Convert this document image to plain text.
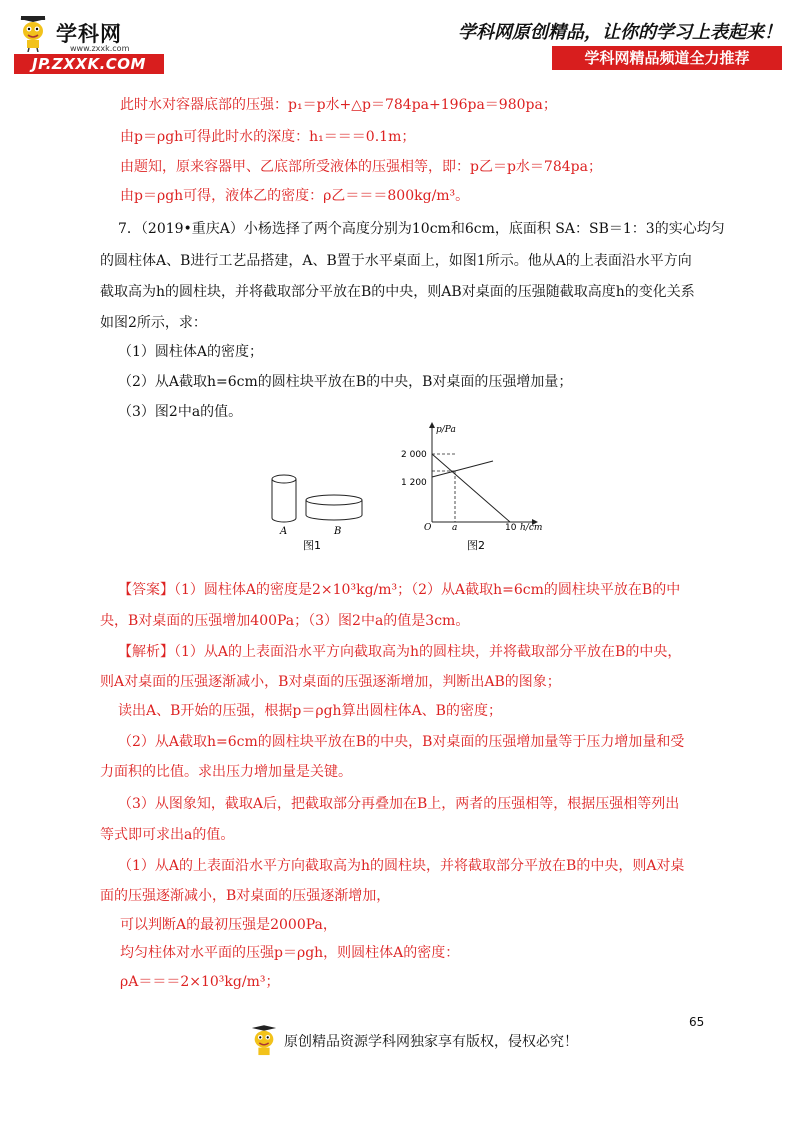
学科网
www.zxxk.com
JP.ZXXK.COM
学科网原创精品，让你的学习上表起来！
学科网精品频道全力推荐
此时水对容器底部的压强：p₁＝p水+△p＝784pa+196pa＝980pa；
由p＝ρgh可得此时水的深度：h₁＝＝＝0.1m；
由题知，原来容器甲、乙底部所受液体的压强相等，即：p乙＝p水＝784pa；
由p＝ρgh可得，液体乙的密度：ρ乙＝＝＝800kg/m³。
7．（2019•重庆A）小杨选择了两个高度分别为10cm和6cm，底面积 SA：SB＝1：3的实心均匀
的圆柱体A、B进行工艺品搭建，A、B置于水平桌面上，如图1所示。他从A的上表面沿水平方向
截取高为h的圆柱块，并将截取部分平放在B的中央，则AB对桌面的压强随截取高度h的变化关系
如图2所示，求：
（1）圆柱体A的密度；
（2）从A截取h=6cm的圆柱块平放在B的中央，B对桌面的压强增加量；
（3）图2中a的值。
A	B
图1
p/Pa
2 000
1 200
O a	10 h/cm
图2
【答案】（1）圆柱体A的密度是2×10³kg/m³；（2）从A截取h=6cm的圆柱块平放在B的中
央，B对桌面的压强增加400Pa；（3）图2中a的值是3cm。
【解析】（1）从A的上表面沿水平方向截取高为h的圆柱块，并将截取部分平放在B的中央，
则A对桌面的压强逐渐减小，B对桌面的压强逐渐增加，判断出AB的图象；
读出A、B开始的压强，根据p＝ρgh算出圆柱体A、B的密度；
（2）从A截取h=6cm的圆柱块平放在B的中央，B对桌面的压强增加量等于压力增加量和受
力面积的比值。求出压力增加量是关键。
（3）从图象知，截取A后，把截取部分再叠加在B上，两者的压强相等，根据压强相等列出
等式即可求出a的值。
（1）从A的上表面沿水平方向截取高为h的圆柱块，并将截取部分平放在B的中央，则A对桌
面的压强逐渐减小，B对桌面的压强逐渐增加，
可以判断A的最初压强是2000Pa，
均匀柱体对水平面的压强p＝ρgh，则圆柱体A的密度：
ρA＝＝＝2×10³kg/m³；
65
原创精品资源学科网独家享有版权，侵权必究！
